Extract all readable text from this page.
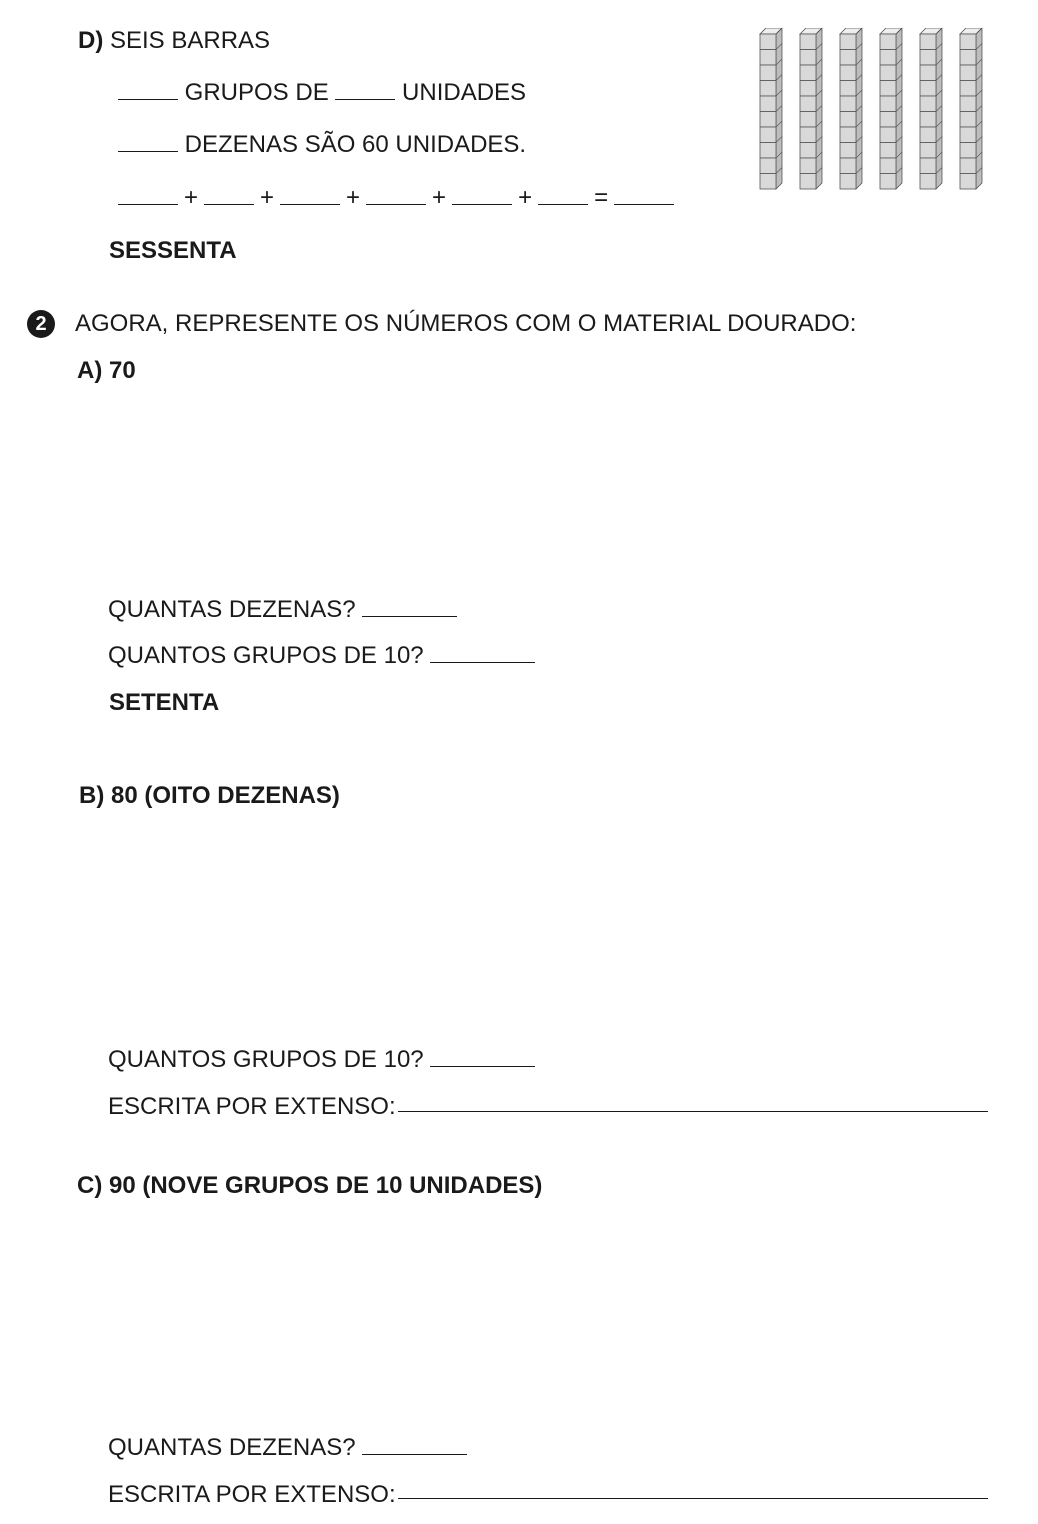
D) SEIS BARRAS
GRUPOS DE	UNIDADES
DEZENAS SÃO 60 UNIDADES.
+	+	+	+	+	=
SESSENTA
2	AGORA, REPRESENTE OS NÚMEROS COM O MATERIAL DOURADO:
A) 70
QUANTAS DEZENAS?
QUANTOS GRUPOS DE 10?
SETENTA
B) 80 (OITO DEZENAS)
QUANTOS GRUPOS DE 10?
ESCRITA POR EXTENSO:
C) 90 (NOVE GRUPOS DE 10 UNIDADES)
QUANTAS DEZENAS?
ESCRITA POR EXTENSO:
